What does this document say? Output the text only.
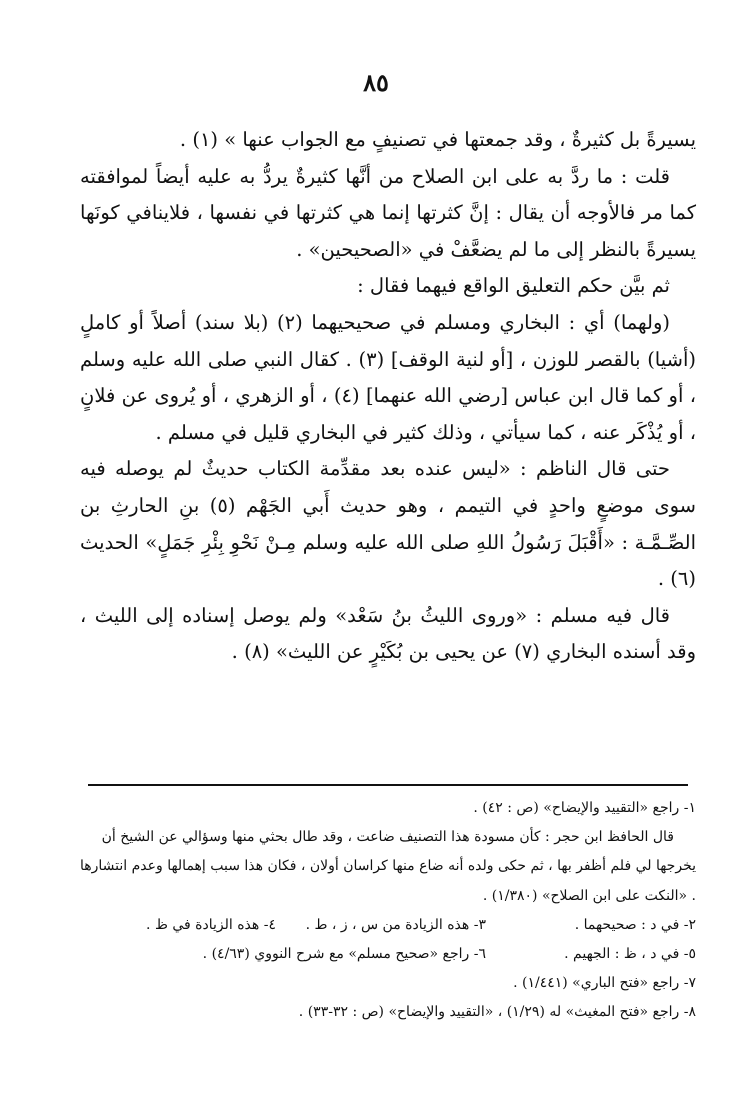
٨٥

يسيرةً بل كثيرةٌ ، وقد جمعتها في تصنيفٍ مع الجواب عنها » (١) .

قلت : ما ردَّ به على ابن الصلاح من أنَّها كثيرةٌ يردُّ به عليه أيضاً لموافقته كما مر فالأوجه أن يقال : إنَّ كثرتها إنما هي كثرتها في نفسها ، فلاينافي كونَها يسيرةً بالنظر إلى ما لم يضعَّفْ في «الصحيحين» .

ثم بيَّن حكم التعليق الواقع فيهما فقال :

(ولهما) أي : البخاري ومسلم في صحيحيهما (٢) (بلا سند) أصلاً أو كاملٍ (أشيا) بالقصر للوزن ، [أو لنية الوقف] (٣) . كقال النبي صلى الله عليه وسلم ، أو كما قال ابن عباس [رضي الله عنهما] (٤) ، أو الزهري ، أو يُروى عن فلانٍ ، أو يُذْكَر عنه ، كما سيأتي ، وذلك كثير في البخاري قليل في مسلم .

حتى قال الناظم : «ليس عنده بعد مقدِّمة الكتاب حديثٌ لم يوصله فيه سوى موضعٍ واحدٍ في التيمم ، وهو حديث أَبي الجَهْم (٥) بنِ الحارثِ بن الصِّـمَّـة : «أَقْبَلَ رَسُولُ اللهِ صلى الله عليه وسلم مِـنْ نَحْوِ بِئْرِ جَمَلٍ» الحديث (٦) .

قال فيه مسلم : «وروى الليثُ بنُ سَعْد» ولم يوصل إسناده إلى الليث ، وقد أسنده البخاري (٧) عن يحيى بن بُكَيْرٍ عن الليث» (٨) .

١- راجع «التقييد والإيضاح» (ص : ٤٢) .

قال الحافظ ابن حجر : كأن مسودة هذا التصنيف ضاعت ، وقد طال بحثي منها وسؤالي عن الشيخ أن يخرجها لي فلم أظفر بها ، ثم حكى ولده أنه ضاع منها كراسان أولان ، فكان هذا سبب إهمالها وعدم انتشارها . «النكت على ابن الصلاح» (١/٣٨٠) .

٢- في د : صحيحهما .
٣- هذه الزيادة من س ، ز ، ط .
٤- هذه الزيادة في ظ .
٥- في د ، ظ : الجهيم .
٦- راجع «صحيح مسلم» مع شرح النووي (٤/٦٣) .

٧- راجع «فتح الباري» (١/٤٤١) .

٨- راجع «فتح المغيث» له (١/٢٩) ، «التقييد والإيضاح» (ص : ٣٢-٣٣) .
